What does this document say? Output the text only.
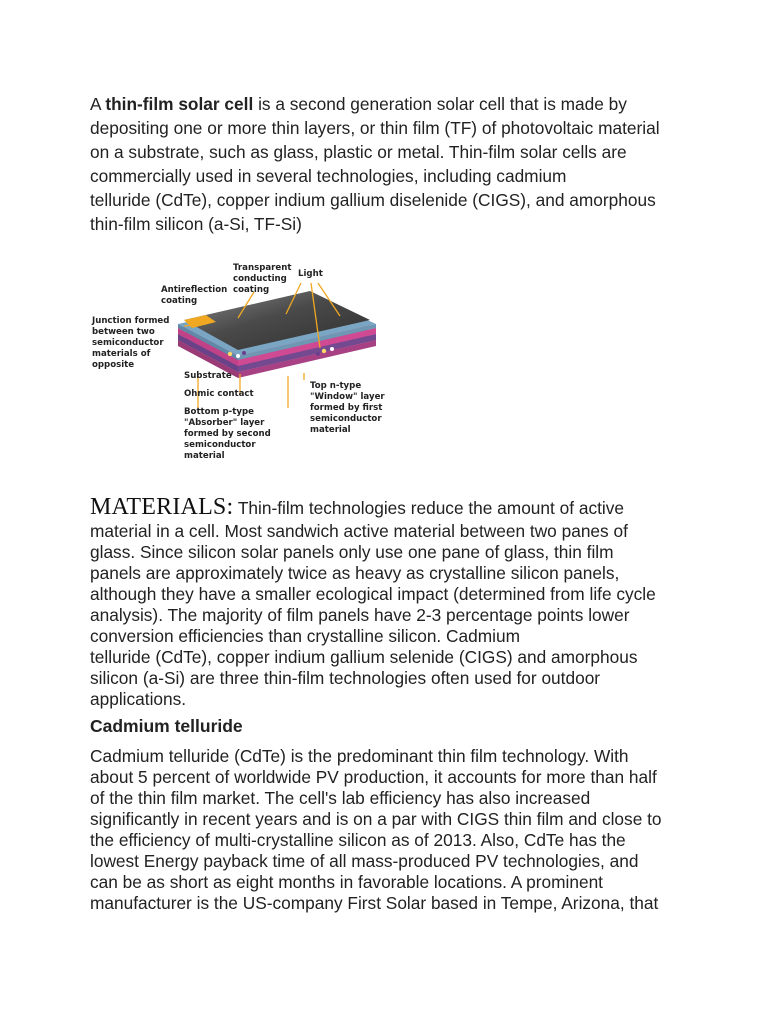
A thin-film solar cell is a second generation solar cell that is made by

depositing one or more thin layers, or thin film (TF) of photovoltaic material

on a substrate, such as glass, plastic or metal. Thin-film solar cells are

commercially used in several technologies, including cadmium

telluride (CdTe), copper indium gallium diselenide (CIGS), and amorphous

thin-film silicon (a-Si, TF-Si)

Transparent conducting coating
Light
Antireflection coating
Junction formed between two semiconductor materials of opposite
Substrate
Ohmic contact
Bottom p-type "Absorber" layer formed by second semiconductor material
Top n-type "Window" layer formed by first semiconductor material

MATERIALS: Thin-film technologies reduce the amount of active

material in a cell. Most sandwich active material between two panes of

glass. Since silicon solar panels only use one pane of glass, thin film

panels are approximately twice as heavy as crystalline silicon panels,

although they have a smaller ecological impact (determined from life cycle

analysis). The majority of film panels have 2-3 percentage points lower

conversion efficiencies than crystalline silicon. Cadmium

telluride (CdTe), copper indium gallium selenide (CIGS) and amorphous

silicon (a-Si) are three thin-film technologies often used for outdoor

applications.

Cadmium telluride

Cadmium telluride (CdTe) is the predominant thin film technology. With

about 5 percent of worldwide PV production, it accounts for more than half

of the thin film market. The cell's lab efficiency has also increased

significantly in recent years and is on a par with CIGS thin film and close to

the efficiency of multi-crystalline silicon as of 2013. Also, CdTe has the

lowest Energy payback time of all mass-produced PV technologies, and

can be as short as eight months in favorable locations. A prominent

manufacturer is the US-company First Solar based in Tempe, Arizona, that
